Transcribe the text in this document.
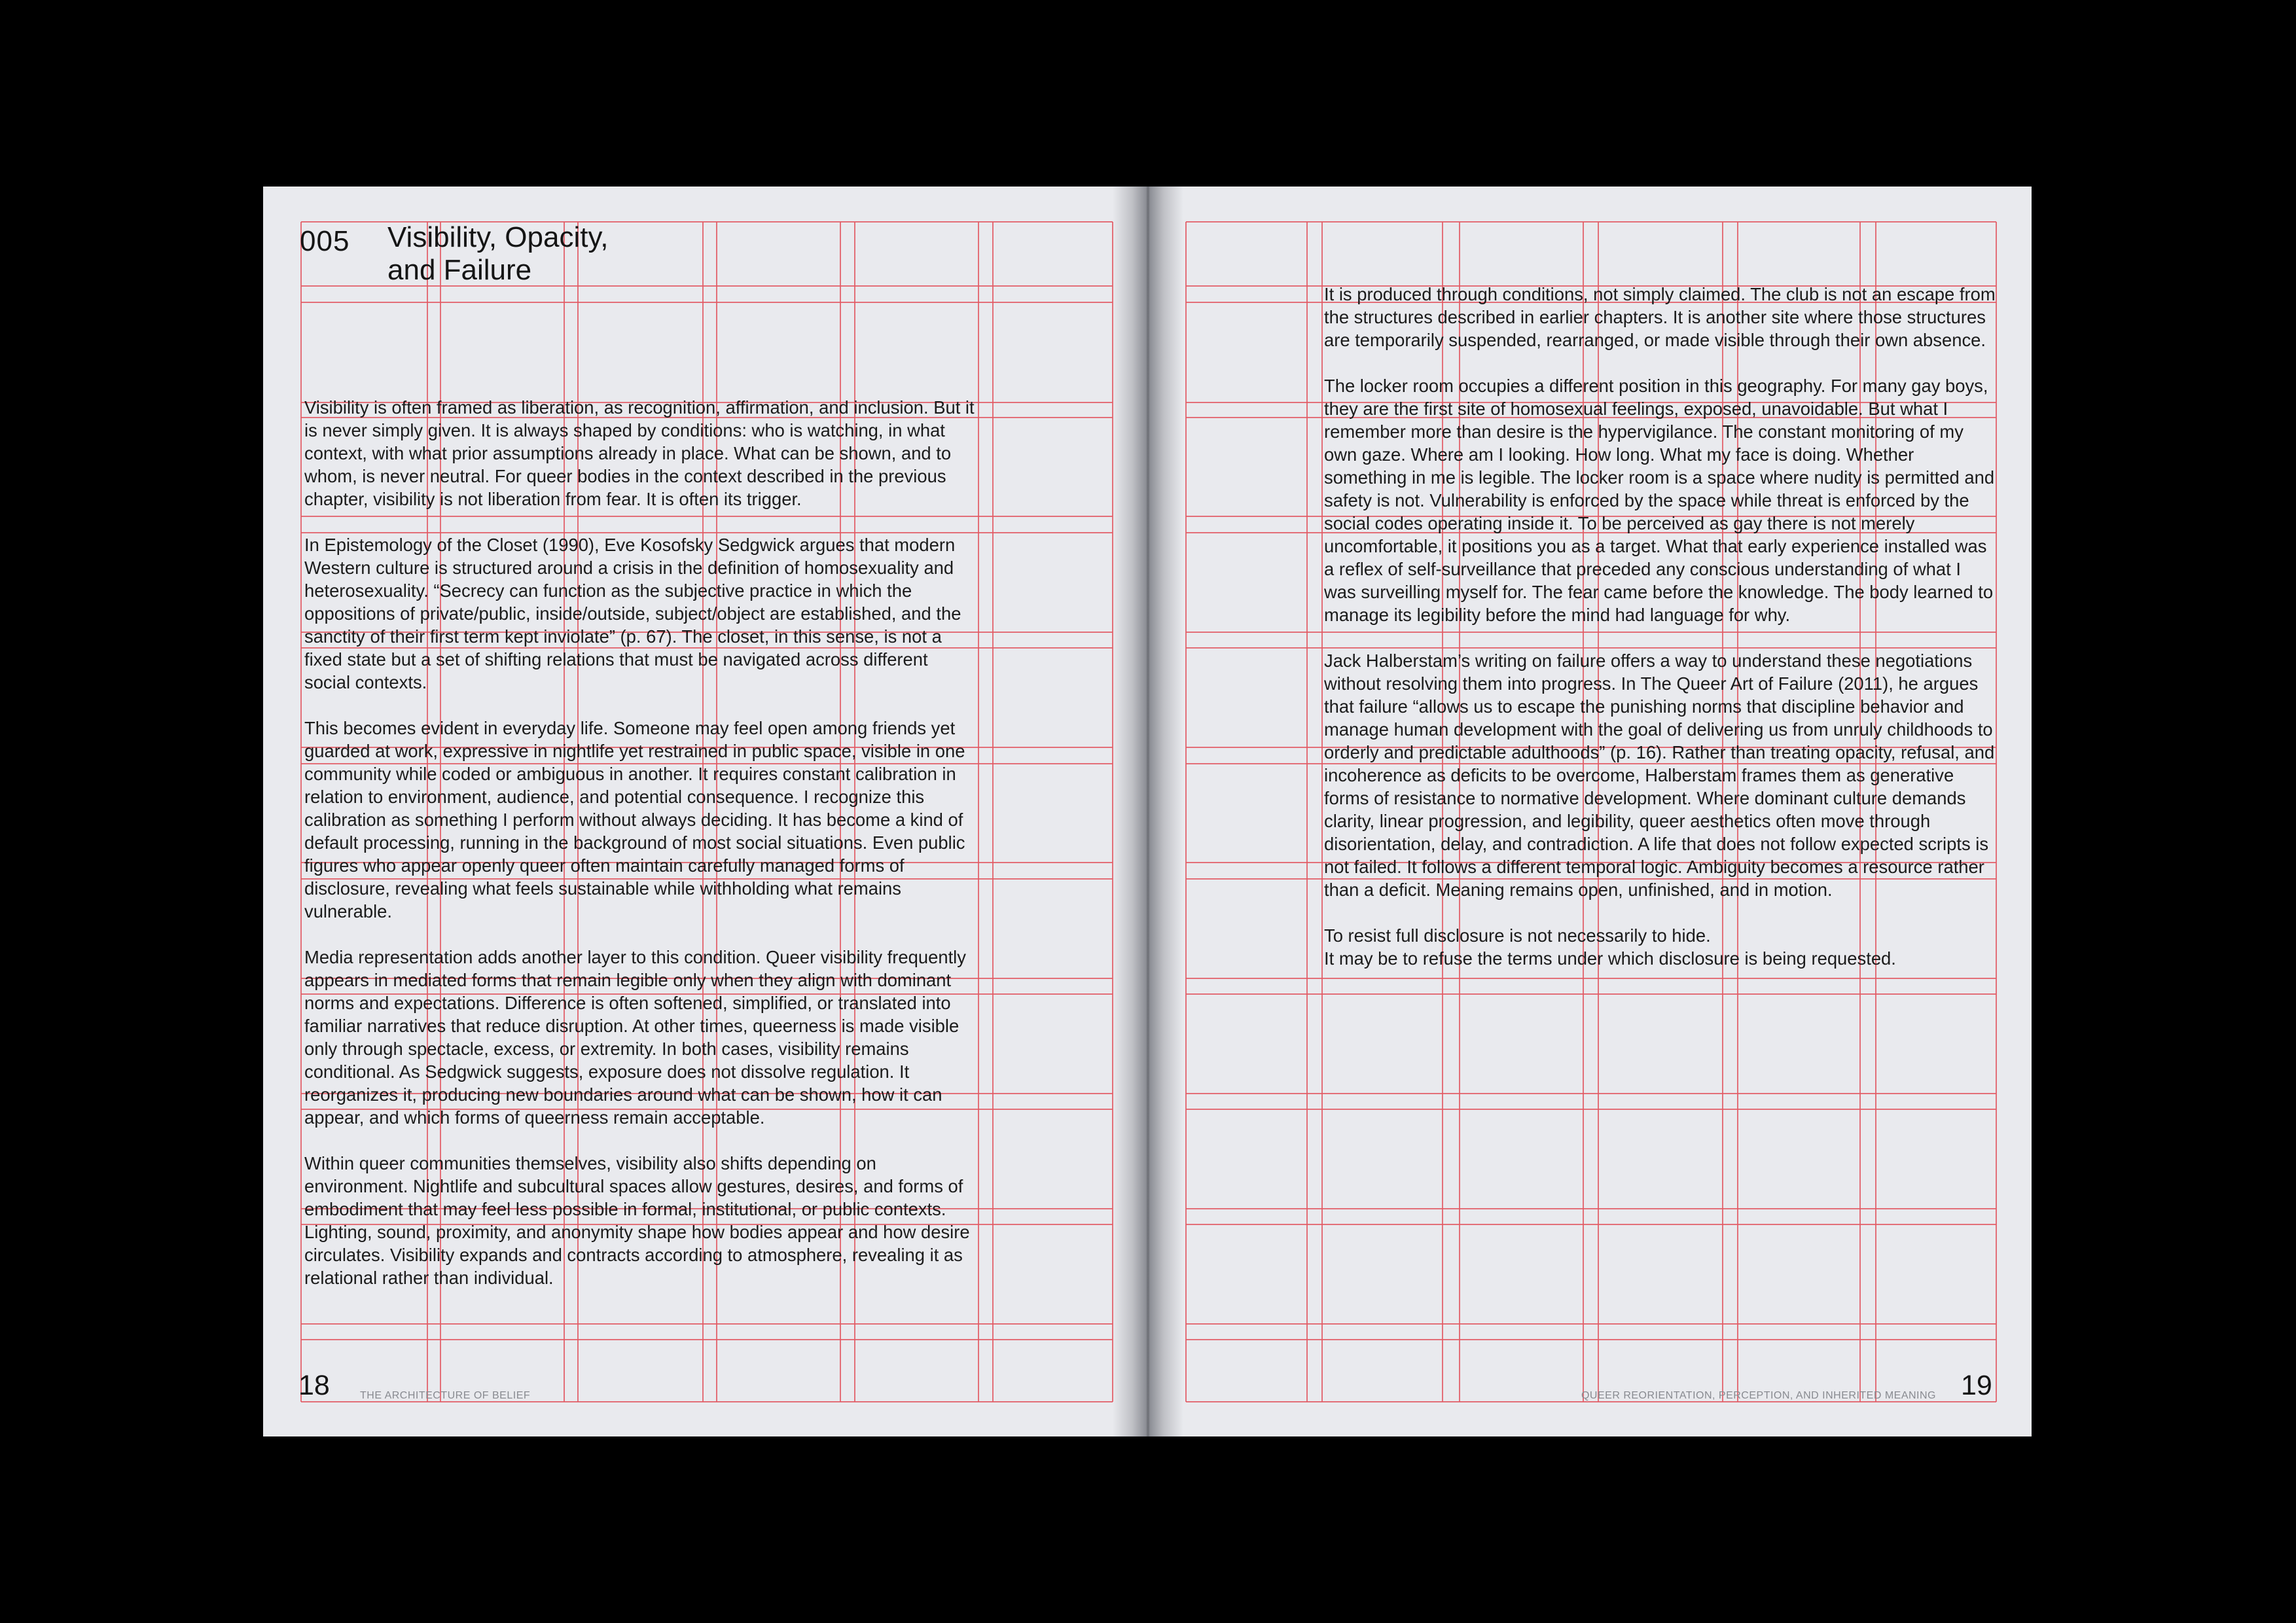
005 Visibility, Opacity,
and Failure

Visibility is often framed as liberation, as recognition, affirmation, and inclusion. But it is never simply given. It is always shaped by conditions: who is watching, in what context, with what prior assumptions already in place. What can be shown, and to whom, is never neutral. For queer bodies in the context described in the previous chapter, visibility is not liberation from fear. It is often its trigger.

In Epistemology of the Closet (1990), Eve Kosofsky Sedgwick argues that modern Western culture is structured around a crisis in the definition of homosexuality and heterosexuality. “Secrecy can function as the subjective practice in which the oppositions of private/public, inside/outside, subject/object are established, and the sanctity of their first term kept inviolate” (p. 67). The closet, in this sense, is not a fixed state but a set of shifting relations that must be navigated across different social contexts.

This becomes evident in everyday life. Someone may feel open among friends yet guarded at work, expressive in nightlife yet restrained in public space, visible in one community while coded or ambiguous in another. It requires constant calibration in relation to environment, audience, and potential consequence. I recognize this calibration as something I perform without always deciding. It has become a kind of default processing, running in the background of most social situations. Even public figures who appear openly queer often maintain carefully managed forms of disclosure, revealing what feels sustainable while withholding what remains vulnerable.

Media representation adds another layer to this condition. Queer visibility frequently appears in mediated forms that remain legible only when they align with dominant norms and expectations. Difference is often softened, simplified, or translated into familiar narratives that reduce disruption. At other times, queerness is made visible only through spectacle, excess, or extremity. In both cases, visibility remains conditional. As Sedgwick suggests, exposure does not dissolve regulation. It reorganizes it, producing new boundaries around what can be shown, how it can appear, and which forms of queerness remain acceptable.

Within queer communities themselves, visibility also shifts depending on environment. Nightlife and subcultural spaces allow gestures, desires, and forms of embodiment that may feel less possible in formal, institutional, or public contexts. Lighting, sound, proximity, and anonymity shape how bodies appear and how desire circulates. Visibility expands and contracts according to atmosphere, revealing it as relational rather than individual.

It is produced through conditions, not simply claimed. The club is not an escape from the structures described in earlier chapters. It is another site where those structures are temporarily suspended, rearranged, or made visible through their own absence.

The locker room occupies a different position in this geography. For many gay boys, they are the first site of homosexual feelings, exposed, unavoidable. But what I remember more than desire is the hypervigilance. The constant monitoring of my own gaze. Where am I looking. How long. What my face is doing. Whether something in me is legible. The locker room is a space where nudity is permitted and safety is not. Vulnerability is enforced by the space while threat is enforced by the social codes operating inside it. To be perceived as gay there is not merely uncomfortable, it positions you as a target. What that early experience installed was a reflex of self-surveillance that preceded any conscious understanding of what I was surveilling myself for. The fear came before the knowledge. The body learned to manage its legibility before the mind had language for why.

Jack Halberstam’s writing on failure offers a way to understand these negotiations without resolving them into progress. In The Queer Art of Failure (2011), he argues that failure “allows us to escape the punishing norms that discipline behavior and manage human development with the goal of delivering us from unruly childhoods to orderly and predictable adulthoods” (p. 16). Rather than treating opacity, refusal, and incoherence as deficits to be overcome, Halberstam frames them as generative forms of resistance to normative development. Where dominant culture demands clarity, linear progression, and legibility, queer aesthetics often move through disorientation, delay, and contradiction. A life that does not follow expected scripts is not failed. It follows a different temporal logic. Ambiguity becomes a resource rather than a deficit. Meaning remains open, unfinished, and in motion.

To resist full disclosure is not necessarily to hide.
It may be to refuse the terms under which disclosure is being requested.

18	THE ARCHITECTURE OF BELIEF	QUEER REORIENTATION, PERCEPTION, AND INHERITED MEANING 19
